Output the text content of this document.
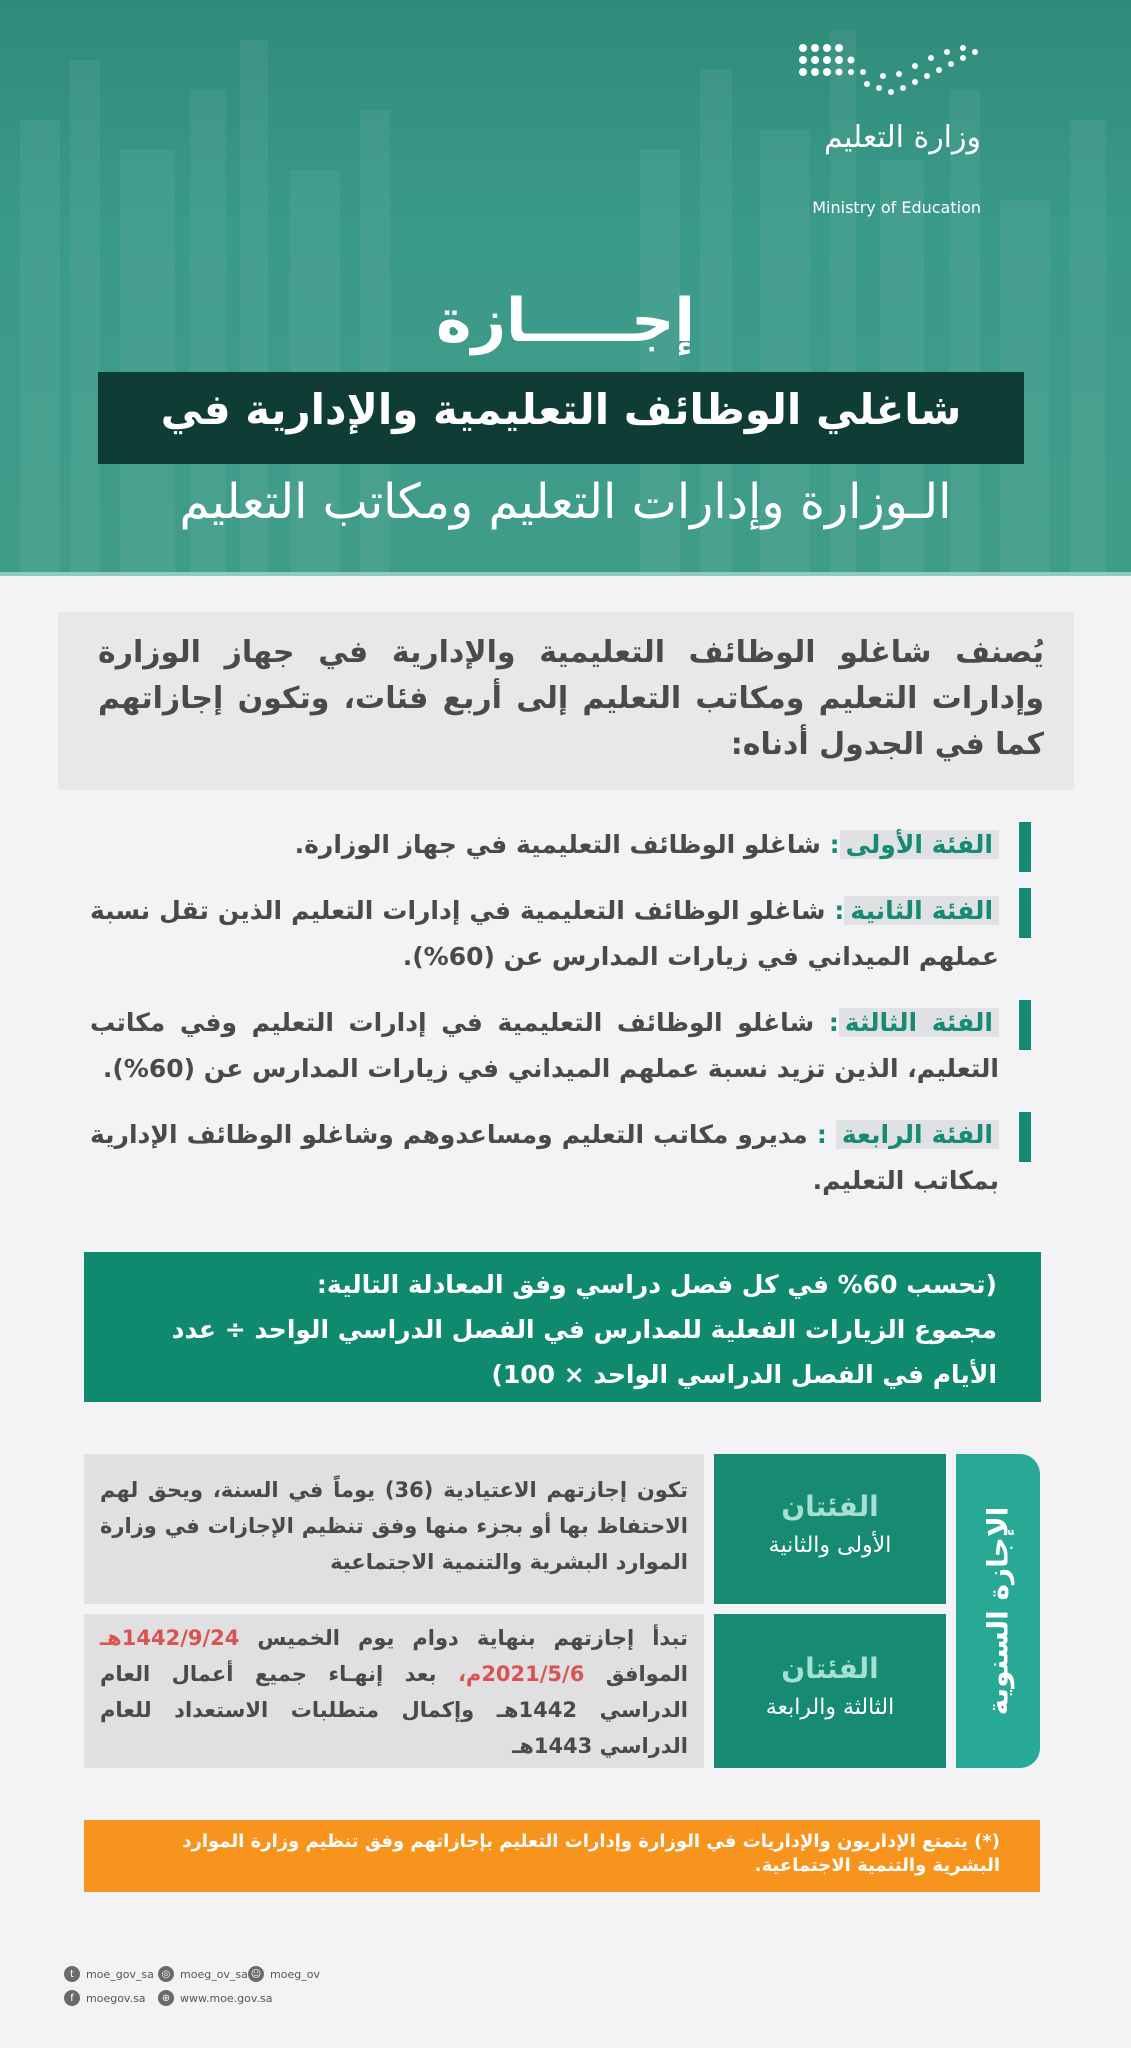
وزارة التعليم
Ministry of Education
إجـــــازة
شاغلي الوظائف التعليمية والإدارية في
الـوزارة وإدارات التعليم ومكاتب التعليم

يُصنف شاغلو الوظائف التعليمية والإدارية في جهاز الوزارة وإدارات التعليم ومكاتب التعليم إلى أربع فئات، وتكون إجازاتهم كما في الجدول أدناه:

الفئة الأولى: شاغلو الوظائف التعليمية في جهاز الوزارة.

الفئة الثانية: شاغلو الوظائف التعليمية في إدارات التعليم الذين تقل نسبة عملهم الميداني في زيارات المدارس عن (60%).

الفئة الثالثة: شاغلو الوظائف التعليمية في إدارات التعليم وفي مكاتب التعليم، الذين تزيد نسبة عملهم الميداني في زيارات المدارس عن (60%).

الفئة الرابعة : مديرو مكاتب التعليم ومساعدوهم وشاغلو الوظائف الإدارية بمكاتب التعليم.

(تحسب 60% في كل فصل دراسي وفق المعادلة التالية:
مجموع الزيارات الفعلية للمدارس في الفصل الدراسي الواحد ÷ عدد الأيام في الفصل الدراسي الواحد × 100)

الإجازة السنوية
الفئتان
الأولى والثانية

تكون إجازتهم الاعتيادية (36) يوماً في السنة، ويحق لهم الاحتفاظ بها أو بجزء منها وفق تنظيم الإجازات في وزارة الموارد البشرية والتنمية الاجتماعية

الفئتان
الثالثة والرابعة

تبدأ إجازتهم بنهاية دوام يوم الخميس 1442/9/24هـ الموافق 2021/5/6م، بعد إنهـاء جميع أعمال العام الدراسي 1442هـ وإكمال متطلبات الاستعداد للعام الدراسي 1443هـ

(*) يتمتع الإداريون والإداريات في الوزارة وإدارات التعليم بإجازاتهم وفق تنظيم وزارة الموارد البشرية والتنمية الاجتماعية.

t	moe_gov_sa ◎ moeg_ov_sa ☺ moeg_ov
f	moegov.sa	⊕ www.moe.gov.sa
